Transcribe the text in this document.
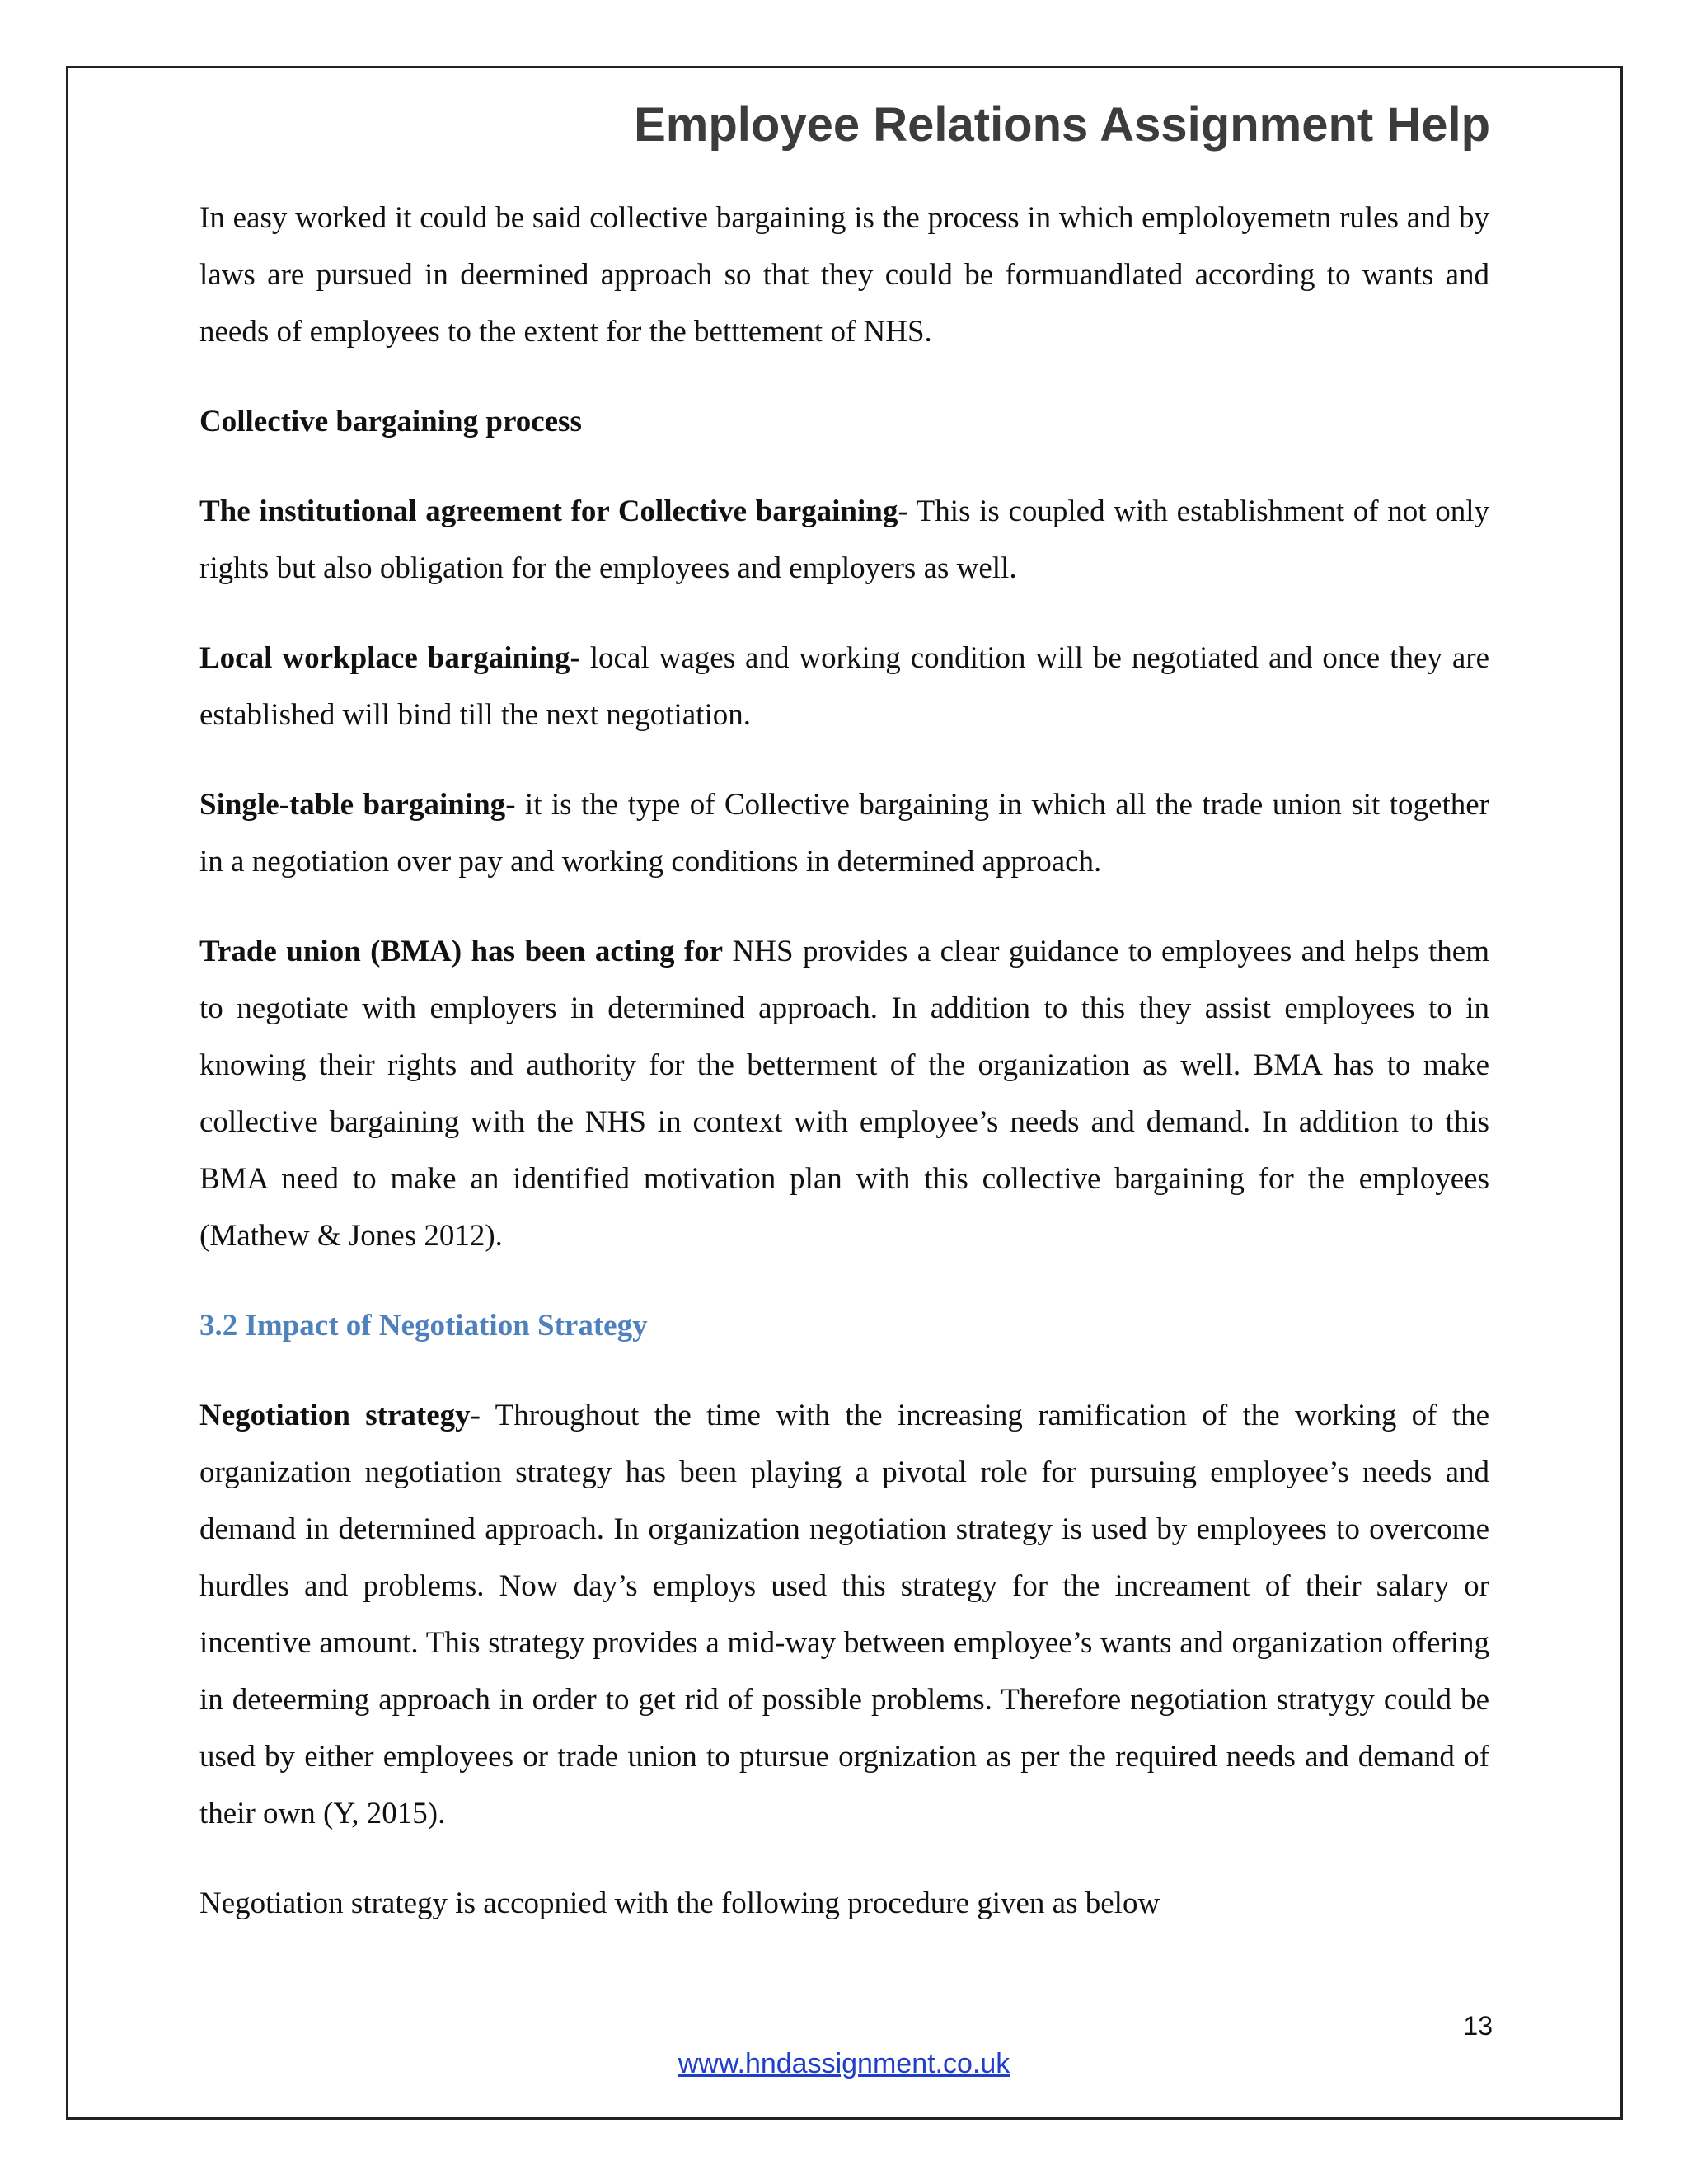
Employee Relations Assignment Help

In easy worked it could be said collective bargaining is the process in which emploloyemetn rules and by laws are pursued in deermined approach so that they could be formuandlated according to wants and needs of employees to the extent for the betttement of NHS.

Collective bargaining process

The institutional agreement for Collective bargaining- This is coupled with establishment of not only rights but also obligation for the employees and employers as well.

Local workplace bargaining- local wages and working condition will be negotiated and once they are established will bind till the next negotiation.

Single-table bargaining- it is the type of Collective bargaining in which all the trade union sit together in a negotiation over pay and working conditions in determined approach.

Trade union (BMA) has been acting for NHS provides a clear guidance to employees and helps them to negotiate with employers in determined approach. In addition to this they assist employees to in knowing their rights and authority for the betterment of the organization as well. BMA has to make collective bargaining with the NHS in context with employee’s needs and demand. In addition to this BMA need to make an identified motivation plan with this collective bargaining for the employees (Mathew & Jones 2012).

3.2 Impact of Negotiation Strategy

Negotiation strategy- Throughout the time with the increasing ramification of the working of the organization negotiation strategy has been playing a pivotal role for pursuing employee’s needs and demand in determined approach. In organization negotiation strategy is used by employees to overcome hurdles and problems. Now day’s employs used this strategy for the increament of their salary or incentive amount. This strategy provides a mid-way between employee’s wants and organization offering in deteerming approach in order to get rid of possible problems. Therefore negotiation stratygy could be used by either employees or trade union to ptursue orgnization as per the required needs and demand of their own (Y, 2015).

Negotiation strategy is accopnied with the following procedure given as below

13
www.hndassignment.co.uk
